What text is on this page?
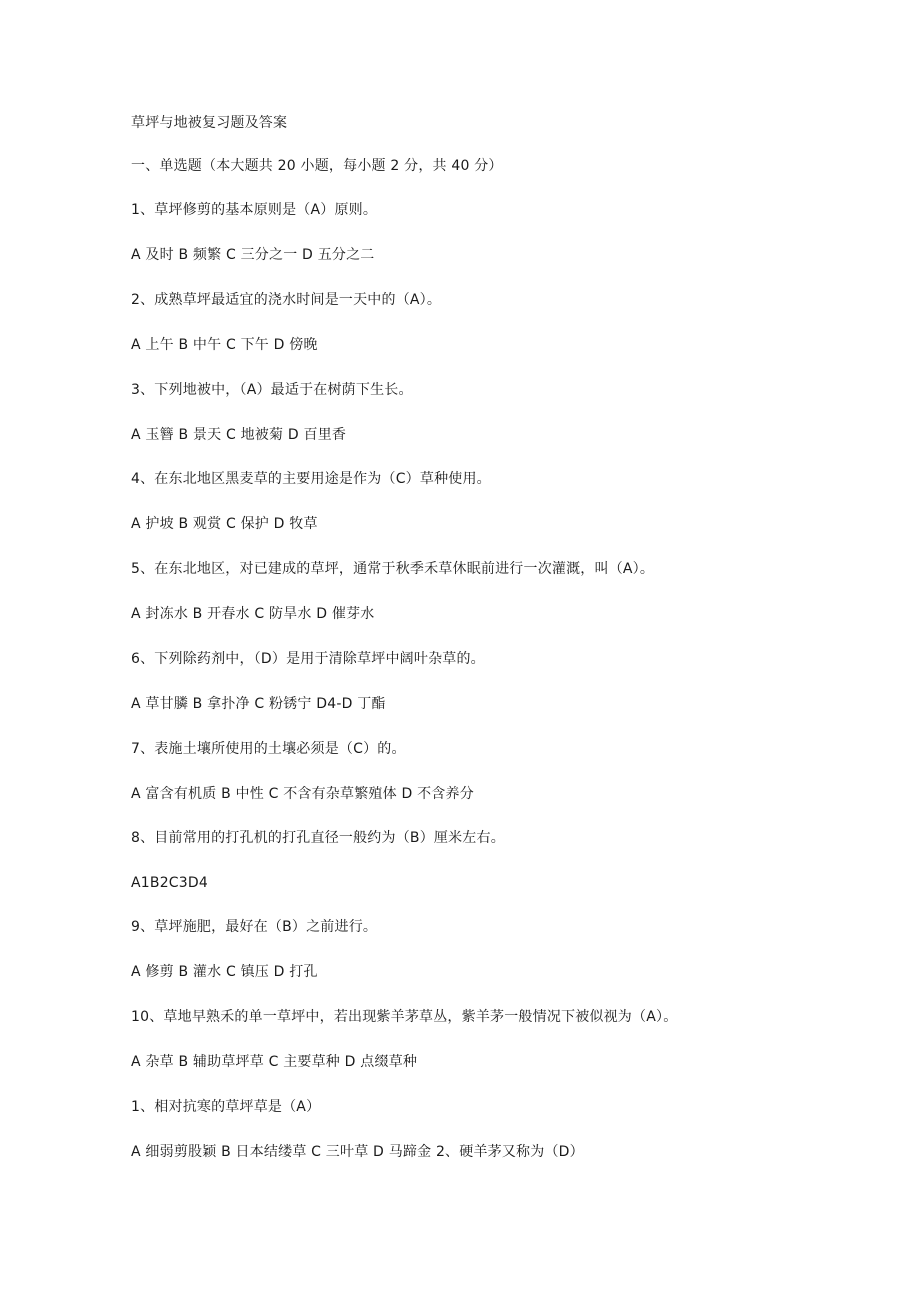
草坪与地被复习题及答案
一、单选题（本大题共 20 小题，每小题 2 分，共 40 分）
1、草坪修剪的基本原则是（A）原则。
A 及时 B 频繁 C 三分之一 D 五分之二
2、成熟草坪最适宜的浇水时间是一天中的（A）。
A 上午 B 中午 C 下午 D 傍晚
3、下列地被中，（A）最适于在树荫下生长。
A 玉簪 B 景天 C 地被菊 D 百里香
4、在东北地区黑麦草的主要用途是作为（C）草种使用。
A 护坡 B 观赏 C 保护 D 牧草
5、在东北地区，对已建成的草坪，通常于秋季禾草休眠前进行一次灌溉，叫（A）。
A 封冻水 B 开春水 C 防旱水 D 催芽水
6、下列除药剂中，（D）是用于清除草坪中阔叶杂草的。
A 草甘膦 B 拿扑净 C 粉锈宁 D4-D 丁酯
7、表施土壤所使用的土壤必须是（C）的。
A 富含有机质 B 中性 C 不含有杂草繁殖体 D 不含养分
8、目前常用的打孔机的打孔直径一般约为（B）厘米左右。
A1B2C3D4
9、草坪施肥，最好在（B）之前进行。
A 修剪 B 灌水 C 镇压 D 打孔
10、草地早熟禾的单一草坪中，若出现紫羊茅草丛，紫羊茅一般情况下被似视为（A）。
A 杂草 B 辅助草坪草 C 主要草种 D 点缀草种
1、相对抗寒的草坪草是（A）
A 细弱剪股颖 B 日本结缕草 C 三叶草 D 马蹄金 2、硬羊茅又称为（D）
